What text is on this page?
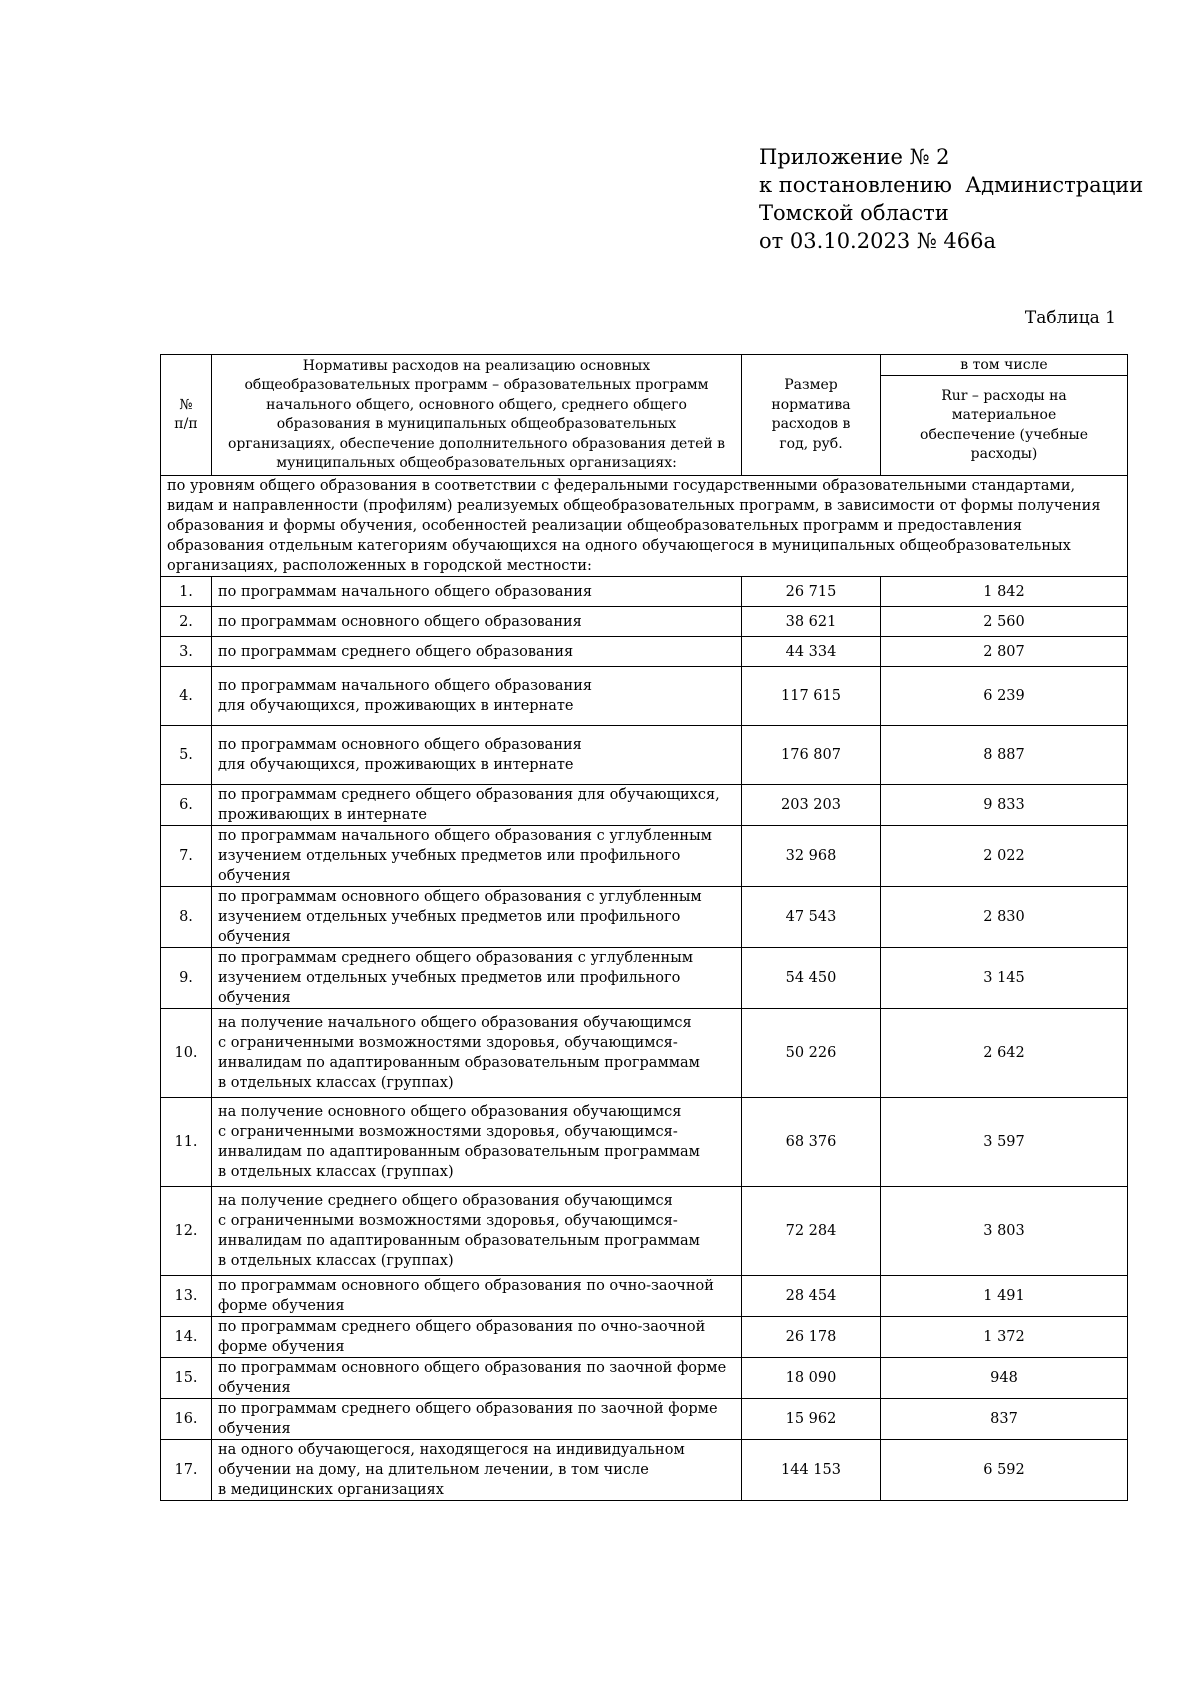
Приложение № 2
к постановлению  Администрации
Томской области
от 03.10.2023 № 466а
Таблица 1
№
п/п	Нормативы расходов на реализацию основных общеобразовательных программ – образовательных программ начального общего, основного общего, среднего общего образования в муниципальных общеобразовательных организациях, обеспечение дополнительного образования детей в муниципальных общеобразовательных организациях:	Размер норматива расходов в год, руб.	в том числе
			Rur – расходы на материальное обеспечение (учебные расходы)
по уровням общего образования в соответствии с федеральными государственными образовательными стандартами, видам и направленности (профилям) реализуемых общеобразовательных программ, в зависимости от формы получения образования и формы обучения, особенностей реализации общеобразовательных программ и предоставления образования отдельным категориям обучающихся на одного обучающегося в муниципальных общеобразовательных организациях, расположенных в городской местности:			
1.	по программам начального общего образования	26 715	1 842
2.	по программам основного общего образования	38 621	2 560
3.	по программам среднего общего образования	44 334	2 807
4.	по программам начального общего образования
для обучающихся, проживающих в интернате	117 615	6 239
5.	по программам основного общего образования
для обучающихся, проживающих в интернате	176 807	8 887
6.	по программам среднего общего образования для обучающихся, проживающих в интернате	203 203	9 833
7.	по программам начального общего образования с углубленным изучением отдельных учебных предметов или профильного обучения	32 968	2 022
8.	по программам основного общего образования с углубленным изучением отдельных учебных предметов или профильного обучения	47 543	2 830
9.	по программам среднего общего образования с углубленным изучением отдельных учебных предметов или профильного обучения	54 450	3 145
10.	на получение начального общего образования обучающимся
с ограниченными возможностями здоровья, обучающимся-инвалидам по адаптированным образовательным программам
в отдельных классах (группах)	50 226	2 642
11.	на получение основного общего образования обучающимся
с ограниченными возможностями здоровья, обучающимся-инвалидам по адаптированным образовательным программам
в отдельных классах (группах)	68 376	3 597
12.	на получение среднего общего образования обучающимся
с ограниченными возможностями здоровья, обучающимся-инвалидам по адаптированным образовательным программам
в отдельных классах (группах)	72 284	3 803
13.	по программам основного общего образования по очно-заочной форме обучения	28 454	1 491
14.	по программам среднего общего образования по очно-заочной форме обучения	26 178	1 372
15.	по программам основного общего образования по заочной форме обучения	18 090	948
16.	по программам среднего общего образования по заочной форме обучения	15 962	837
17.	на одного обучающегося, находящегося на индивидуальном обучении на дому, на длительном лечении, в том числе
в медицинских организациях	144 153	6 592
